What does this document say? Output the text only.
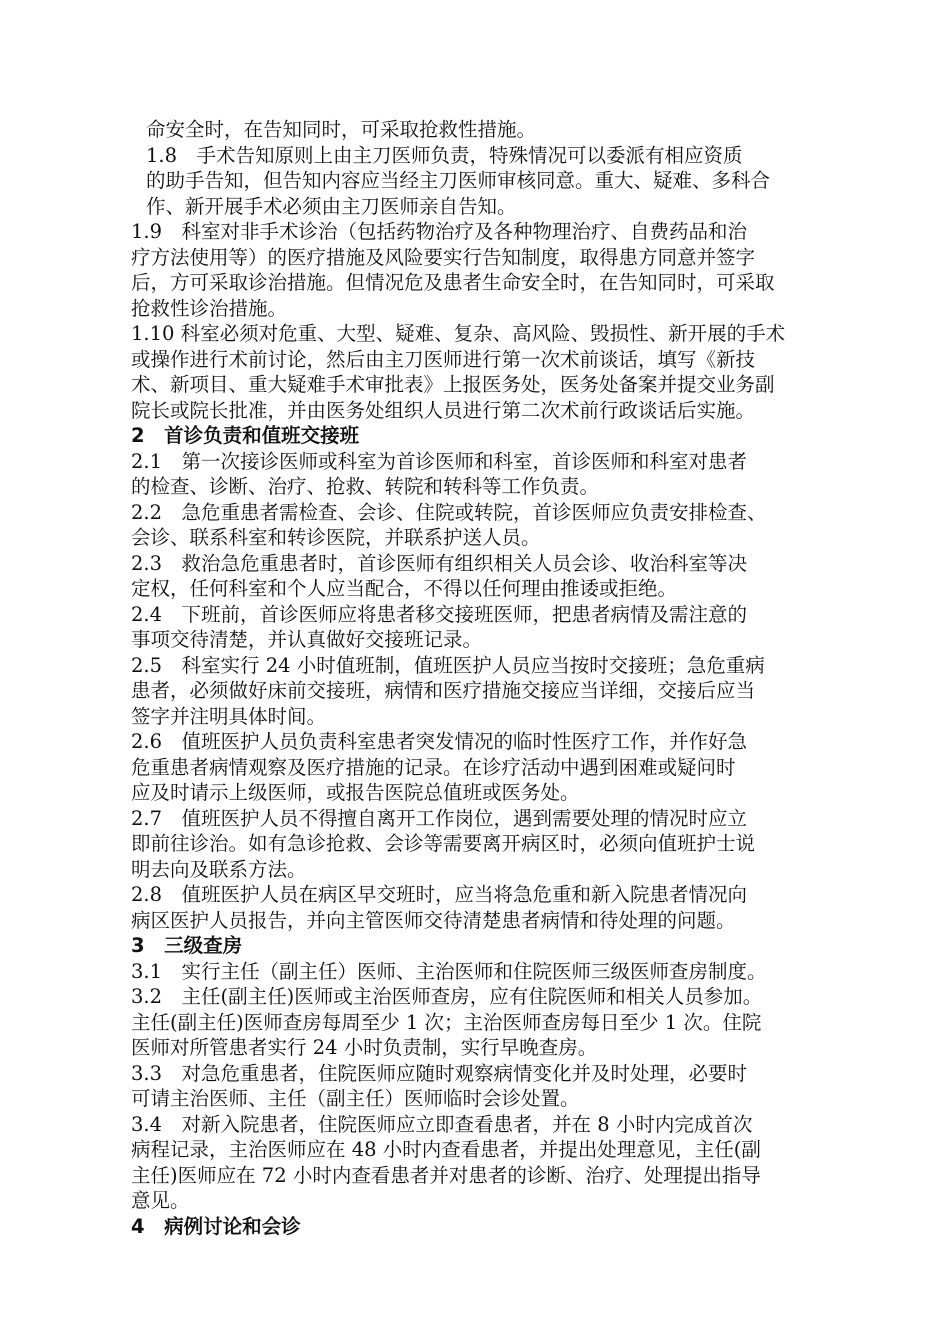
命安全时，在告知同时，可采取抢救性措施。
1.8　手术告知原则上由主刀医师负责，特殊情况可以委派有相应资质
的助手告知，但告知内容应当经主刀医师审核同意。重大、疑难、多科合
作、新开展手术必须由主刀医师亲自告知。
1.9　科室对非手术诊治（包括药物治疗及各种物理治疗、自费药品和治
疗方法使用等）的医疗措施及风险要实行告知制度，取得患方同意并签字
后，方可采取诊治措施。但情况危及患者生命安全时，在告知同时，可采取
抢救性诊治措施。
1.10 科室必须对危重、大型、疑难、复杂、高风险、毁损性、新开展的手术
或操作进行术前讨论，然后由主刀医师进行第一次术前谈话，填写《新技
术、新项目、重大疑难手术审批表》上报医务处，医务处备案并提交业务副
院长或院长批准，并由医务处组织人员进行第二次术前行政谈话后实施。
2　首诊负责和值班交接班
2.1　第一次接诊医师或科室为首诊医师和科室，首诊医师和科室对患者
的检查、诊断、治疗、抢救、转院和转科等工作负责。
2.2　急危重患者需检查、会诊、住院或转院，首诊医师应负责安排检查、
会诊、联系科室和转诊医院，并联系护送人员。
2.3　救治急危重患者时，首诊医师有组织相关人员会诊、收治科室等决
定权，任何科室和个人应当配合，不得以任何理由推诿或拒绝。
2.4　下班前，首诊医师应将患者移交接班医师，把患者病情及需注意的
事项交待清楚，并认真做好交接班记录。
2.5　科室实行 24 小时值班制，值班医护人员应当按时交接班；急危重病
患者，必须做好床前交接班，病情和医疗措施交接应当详细，交接后应当
签字并注明具体时间。
2.6　值班医护人员负责科室患者突发情况的临时性医疗工作，并作好急
危重患者病情观察及医疗措施的记录。在诊疗活动中遇到困难或疑问时
应及时请示上级医师，或报告医院总值班或医务处。
2.7　值班医护人员不得擅自离开工作岗位，遇到需要处理的情况时应立
即前往诊治。如有急诊抢救、会诊等需要离开病区时，必须向值班护士说
明去向及联系方法。
2.8　值班医护人员在病区早交班时，应当将急危重和新入院患者情况向
病区医护人员报告，并向主管医师交待清楚患者病情和待处理的问题。
3　三级查房
3.1　实行主任（副主任）医师、主治医师和住院医师三级医师查房制度。
3.2　主任(副主任)医师或主治医师查房，应有住院医师和相关人员参加。
主任(副主任)医师查房每周至少 1 次；主治医师查房每日至少 1 次。住院
医师对所管患者实行 24 小时负责制，实行早晚查房。
3.3　对急危重患者，住院医师应随时观察病情变化并及时处理，必要时
可请主治医师、主任（副主任）医师临时会诊处置。
3.4　对新入院患者，住院医师应立即查看患者，并在 8 小时内完成首次
病程记录，主治医师应在 48 小时内查看患者，并提出处理意见，主任(副
主任)医师应在 72 小时内查看患者并对患者的诊断、治疗、处理提出指导
意见。
4　病例讨论和会诊
